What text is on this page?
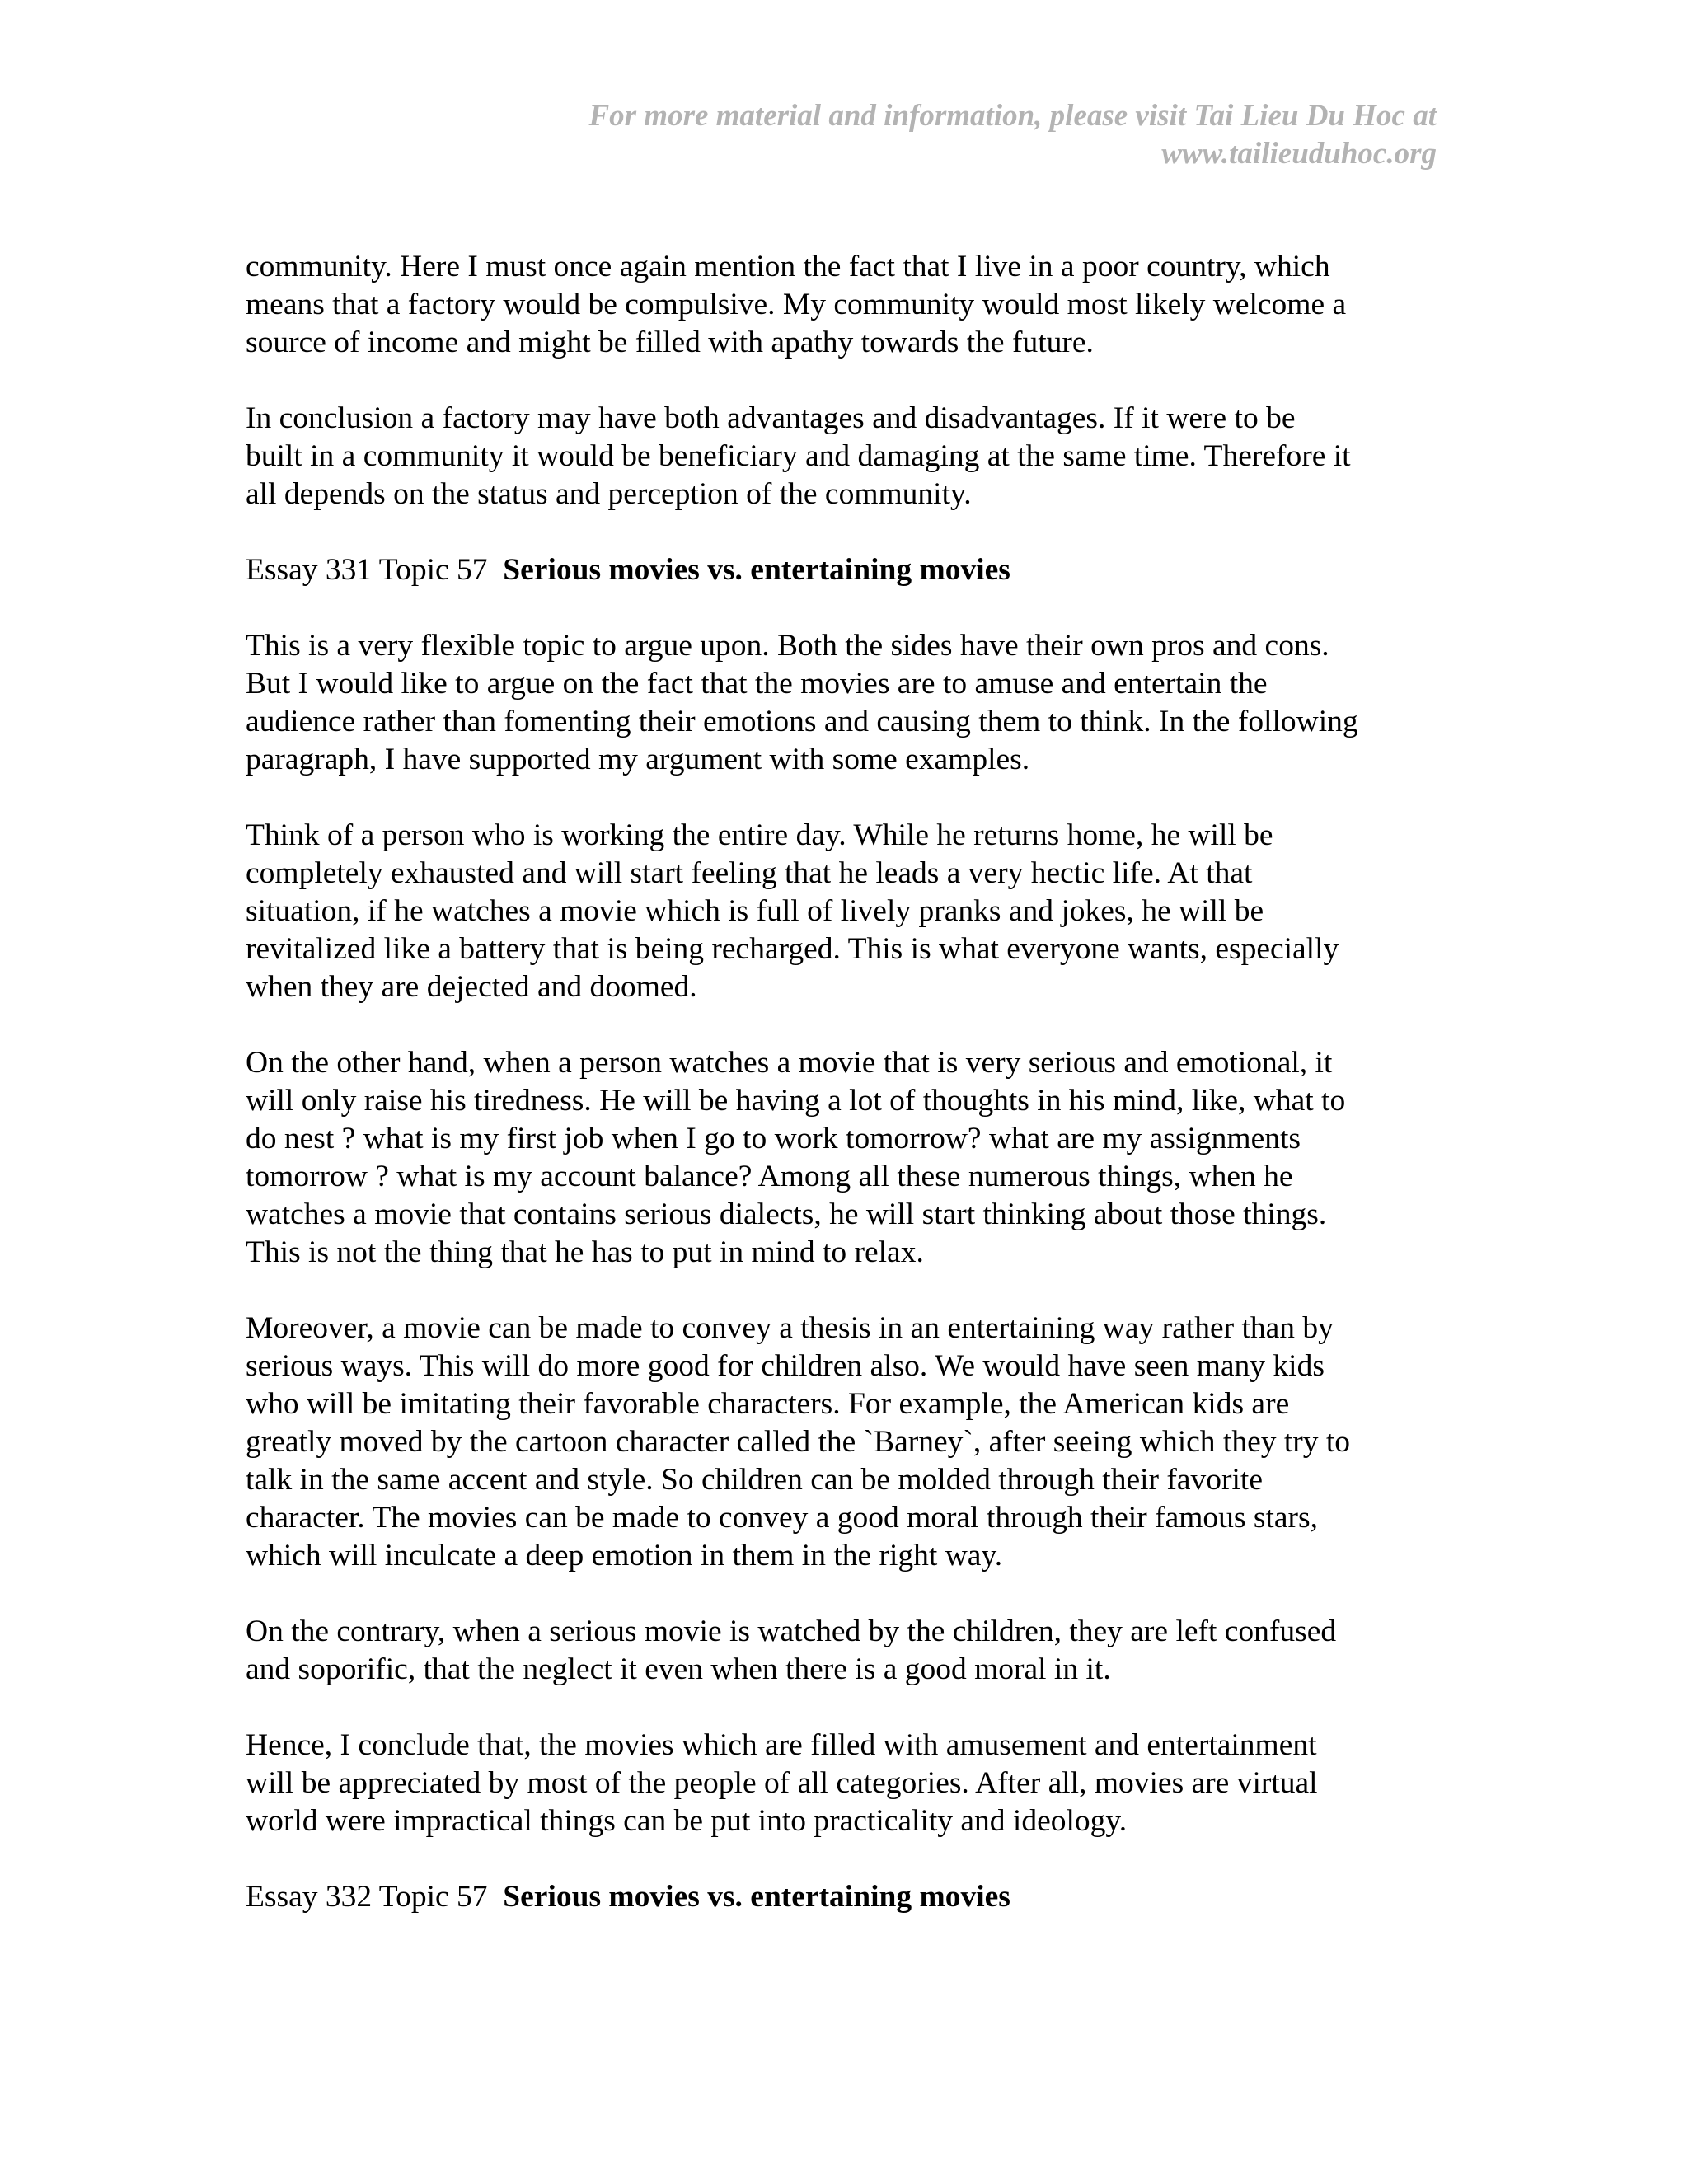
For more material and information, please visit Tai Lieu Du Hoc at
www.tailieuduhoc.org

community. Here I must once again mention the fact that I live in a poor country, which
means that a factory would be compulsive. My community would most likely welcome a
source of income and might be filled with apathy towards the future.

In conclusion a factory may have both advantages and disadvantages. If it were to be
built in a community it would be beneficiary and damaging at the same time. Therefore it
all depends on the status and perception of the community.

Essay 331 Topic 57 Serious movies vs. entertaining movies

This is a very flexible topic to argue upon. Both the sides have their own pros and cons.
But I would like to argue on the fact that the movies are to amuse and entertain the
audience rather than fomenting their emotions and causing them to think. In the following
paragraph, I have supported my argument with some examples.

Think of a person who is working the entire day. While he returns home, he will be
completely exhausted and will start feeling that he leads a very hectic life. At that
situation, if he watches a movie which is full of lively pranks and jokes, he will be
revitalized like a battery that is being recharged. This is what everyone wants, especially
when they are dejected and doomed.

On the other hand, when a person watches a movie that is very serious and emotional, it
will only raise his tiredness. He will be having a lot of thoughts in his mind, like, what to
do nest ? what is my first job when I go to work tomorrow? what are my assignments
tomorrow ? what is my account balance? Among all these numerous things, when he
watches a movie that contains serious dialects, he will start thinking about those things.
This is not the thing that he has to put in mind to relax.

Moreover, a movie can be made to convey a thesis in an entertaining way rather than by
serious ways. This will do more good for children also. We would have seen many kids
who will be imitating their favorable characters. For example, the American kids are
greatly moved by the cartoon character called the `Barney`, after seeing which they try to
talk in the same accent and style. So children can be molded through their favorite
character. The movies can be made to convey a good moral through their famous stars,
which will inculcate a deep emotion in them in the right way.

On the contrary, when a serious movie is watched by the children, they are left confused
and soporific, that the neglect it even when there is a good moral in it.

Hence, I conclude that, the movies which are filled with amusement and entertainment
will be appreciated by most of the people of all categories. After all, movies are virtual
world were impractical things can be put into practicality and ideology.

Essay 332 Topic 57 Serious movies vs. entertaining movies
